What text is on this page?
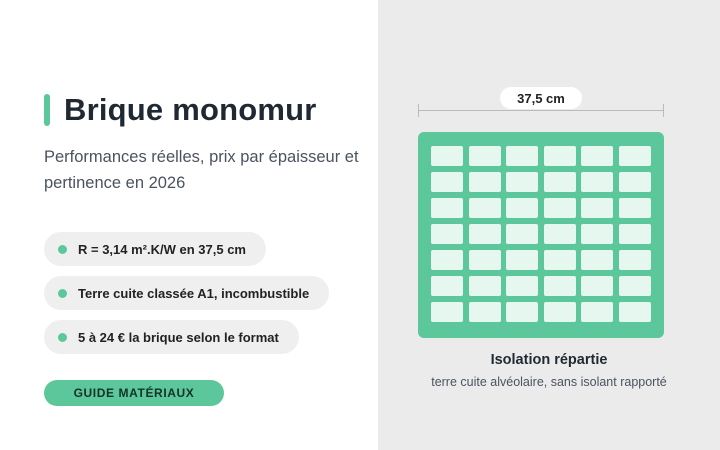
Brique monomur
Performances réelles, prix par épaisseur et pertinence en 2026
R = 3,14 m².K/W en 37,5 cm
Terre cuite classée A1, incombustible
5 à 24 € la brique selon le format
GUIDE MATÉRIAUX
37,5 cm
Isolation répartie
terre cuite alvéolaire, sans isolant rapporté
